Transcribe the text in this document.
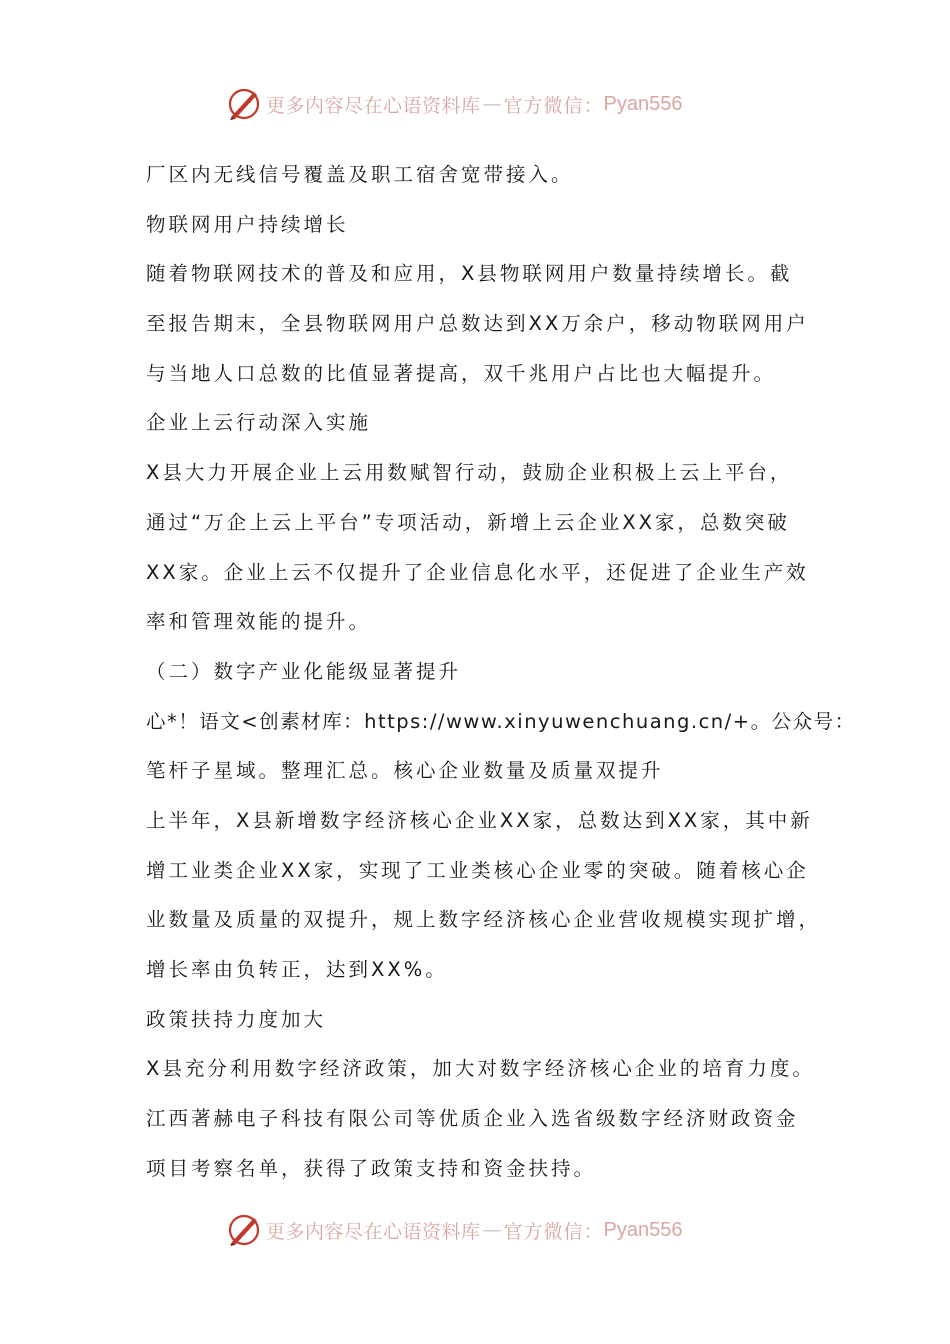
更多内容尽在心语资料库 — 官方微信： Pyan556
厂区内无线信号覆盖及职工宿舍宽带接入。
物联网用户持续增长
随着物联网技术的普及和应用，X县物联网用户数量持续增长。截
至报告期末，全县物联网用户总数达到XX万余户，移动物联网用户
与当地人口总数的比值显著提高，双千兆用户占比也大幅提升。
企业上云行动深入实施
X县大力开展企业上云用数赋智行动，鼓励企业积极上云上平台，
通过“万企上云上平台”专项活动，新增上云企业XX家，总数突破
XX家。企业上云不仅提升了企业信息化水平，还促进了企业生产效
率和管理效能的提升。
（二）数字产业化能级显著提升
心*！语文<创素材库：https://www.xinyuwenchuang.cn/+。公众号：
笔杆子星域。整理汇总。核心企业数量及质量双提升
上半年，X县新增数字经济核心企业XX家，总数达到XX家，其中新
增工业类企业XX家，实现了工业类核心企业零的突破。随着核心企
业数量及质量的双提升，规上数字经济核心企业营收规模实现扩增，
增长率由负转正，达到XX%。
政策扶持力度加大
X县充分利用数字经济政策，加大对数字经济核心企业的培育力度。
江西著赫电子科技有限公司等优质企业入选省级数字经济财政资金
项目考察名单，获得了政策支持和资金扶持。
更多内容尽在心语资料库 — 官方微信： Pyan556
